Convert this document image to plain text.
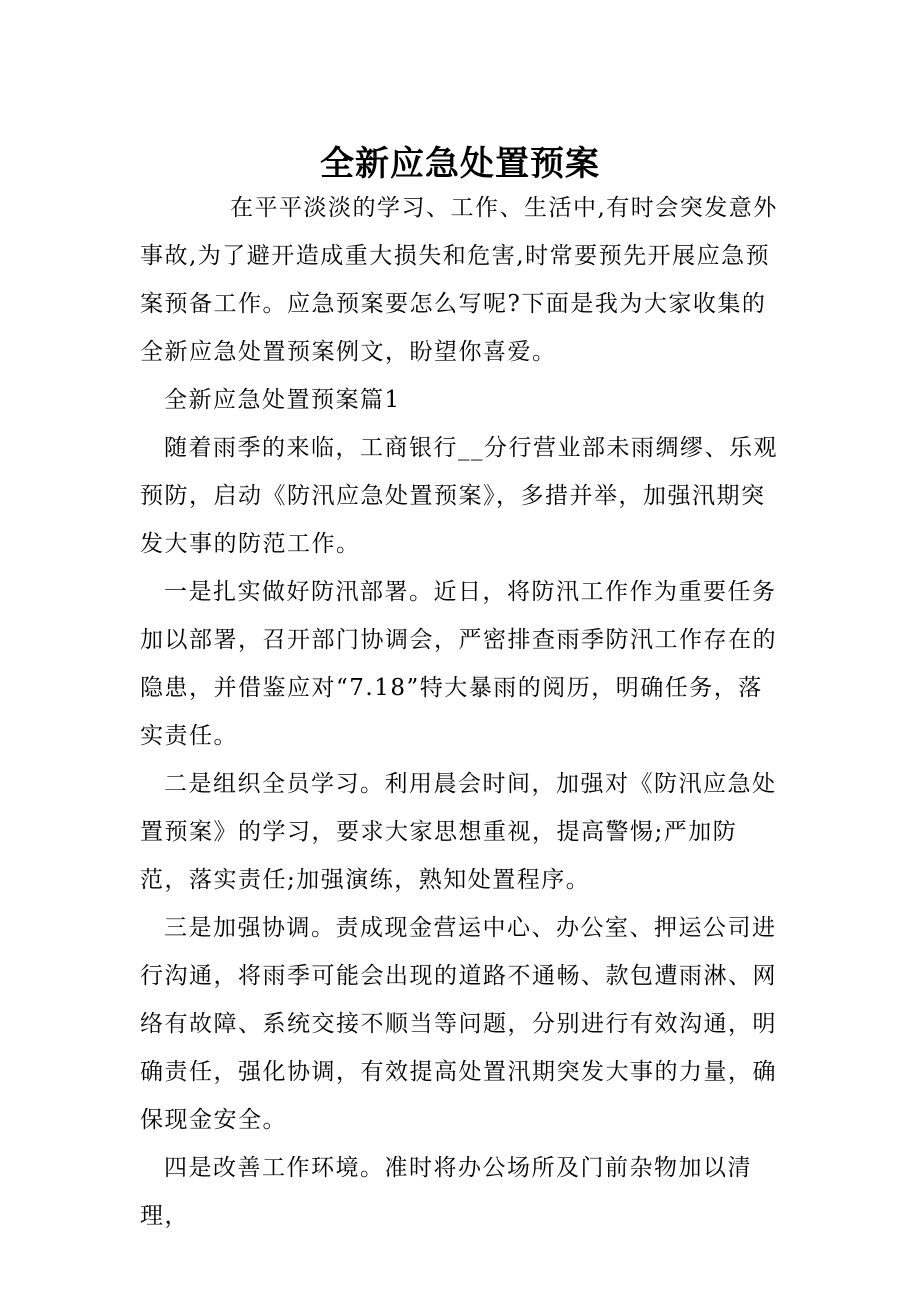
全新应急处置预案

在平平淡淡的学习、工作、生活中,有时会突发意外事故,为了避开造成重大损失和危害,时常要预先开展应急预案预备工作。应急预案要怎么写呢?下面是我为大家收集的全新应急处置预案例文，盼望你喜爱。

全新应急处置预案篇1

随着雨季的来临，工商银行__分行营业部未雨绸缪、乐观预防，启动《防汛应急处置预案》，多措并举，加强汛期突发大事的防范工作。

一是扎实做好防汛部署。近日，将防汛工作作为重要任务加以部署，召开部门协调会，严密排查雨季防汛工作存在的隐患，并借鉴应对“7.18”特大暴雨的阅历，明确任务，落实责任。

二是组织全员学习。利用晨会时间，加强对《防汛应急处置预案》的学习，要求大家思想重视，提高警惕;严加防范，落实责任;加强演练，熟知处置程序。

三是加强协调。责成现金营运中心、办公室、押运公司进行沟通，将雨季可能会出现的道路不通畅、款包遭雨淋、网络有故障、系统交接不顺当等问题，分别进行有效沟通，明确责任，强化协调，有效提高处置汛期突发大事的力量，确保现金安全。

四是改善工作环境。准时将办公场所及门前杂物加以清理，
